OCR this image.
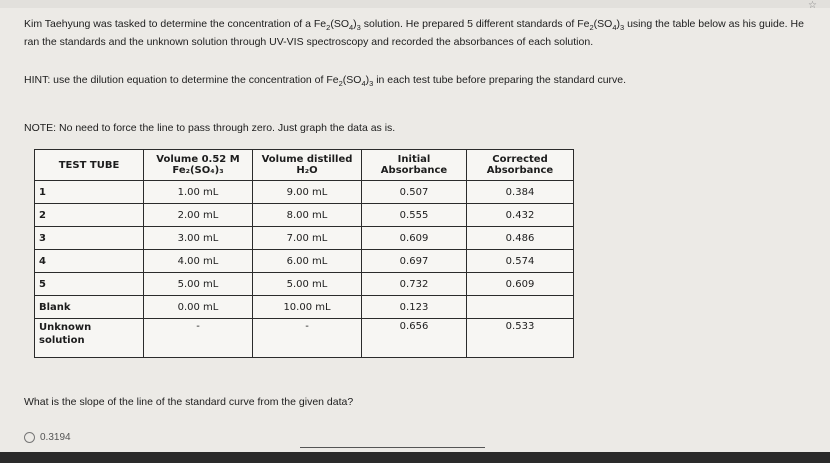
☆
Kim Taehyung was tasked to determine the concentration of a $Fe_2(SO_4)_3$ solution. He prepared 5 different standards of $Fe_2(SO_4)_3$ using the table below as his guide. He ran the standards and the unknown solution through UV-VIS spectroscopy and recorded the absorbances of each solution.
HINT: use the dilution equation to determine the concentration of $Fe_2(SO_4)_3$ in each test tube before preparing the standard curve.
NOTE: No need to force the line to pass through zero. Just graph the data as is.
TEST TUBE	Volume 0.52 M Fe₂(SO₄)₃	Volume distilled H₂O	Initial Absorbance	Corrected Absorbance
1	1.00 mL	9.00 mL	0.507	0.384
2	2.00 mL	8.00 mL	0.555	0.432
3	3.00 mL	7.00 mL	0.609	0.486
4	4.00 mL	6.00 mL	0.697	0.574
5	5.00 mL	5.00 mL	0.732	0.609
Blank	0.00 mL	10.00 mL	0.123	
Unknown solution	-	-	0.656	0.533
What is the slope of the line of the standard curve from the given data?
0.3194
